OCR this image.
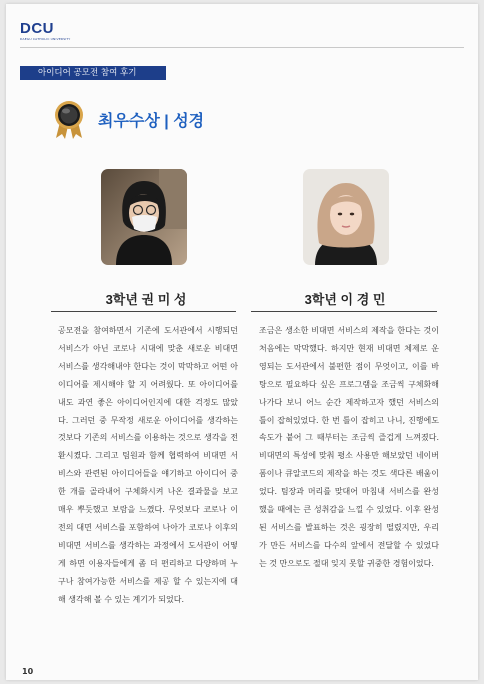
DCU
DAEGU CATHOLIC UNIVERSITY
아이디어 공모전 참여 후기
최우수상 | 성경
3학년 권 미 성	3학년 이 경 민
공모전을 참여하면서 기존에 도서관에서 시행되던 서비스가 아닌 코로나 시대에 맞춘 새로운 비대면 서비스를 생각해내야 한다는 것이 막막하고 어떤 아이디어를 제시해야 할 지 어려웠다. 또 아이디어를 내도 과연 좋은 아이디어인지에 대한 걱정도 많았다. 그러던 중 무작정 새로운 아이디어를 생각하는 것보다 기존의 서비스를 이용하는 것으로 생각을 전환시켰다. 그리고 팀원과 함께 협력하여 비대면 서비스와 관련된 아이디어들을 얘기하고 아이디어 중 한 개를 골라내어 구체화시켜 나온 결과물을 보고 매우 뿌듯했고 보람을 느꼈다. 무엇보다 코로나 이전의 대면 서비스를 포함하여 나아가 코로나 이후의 비대면 서비스를 생각하는 과정에서 도서관이 어떻게 하면 이용자들에게 좀 더 편리하고 다양하며 누구나 참여가능한 서비스를 제공 할 수 있는지에 대해 생각해 볼 수 있는 계기가 되었다.
조금은 생소한 비대면 서비스의 제작을 한다는 것이 처음에는 막막했다. 하지만 현재 비대면 체제로 운영되는 도서관에서 불편한 점이 무엇이고, 이를 바탕으로 필요하다 싶은 프로그램을 조금씩 구체화해나가다 보니 어느 순간 제작하고자 했던 서비스의 틀이 잡혀있었다. 한 번 틀이 잡히고 나니, 진행에도 속도가 붙어 그 때부터는 조금씩 즐겁게 느껴졌다. 비대면의 특성에 맞춰 평소 사용만 해보았던 네이버 폼이나 큐알코드의 제작을 하는 것도 색다른 배움이었다. 팀장과 머리를 맞대어 마침내 서비스를 완성했을 때에는 큰 성취감을 느낄 수 있었다. 이후 완성된 서비스를 발표하는 것은 굉장히 떨렸지만, 우리가 만든 서비스를 다수의 앞에서 전달할 수 있었다는 것 만으로도 절대 잊지 못할 귀중한 경험이었다.
10
